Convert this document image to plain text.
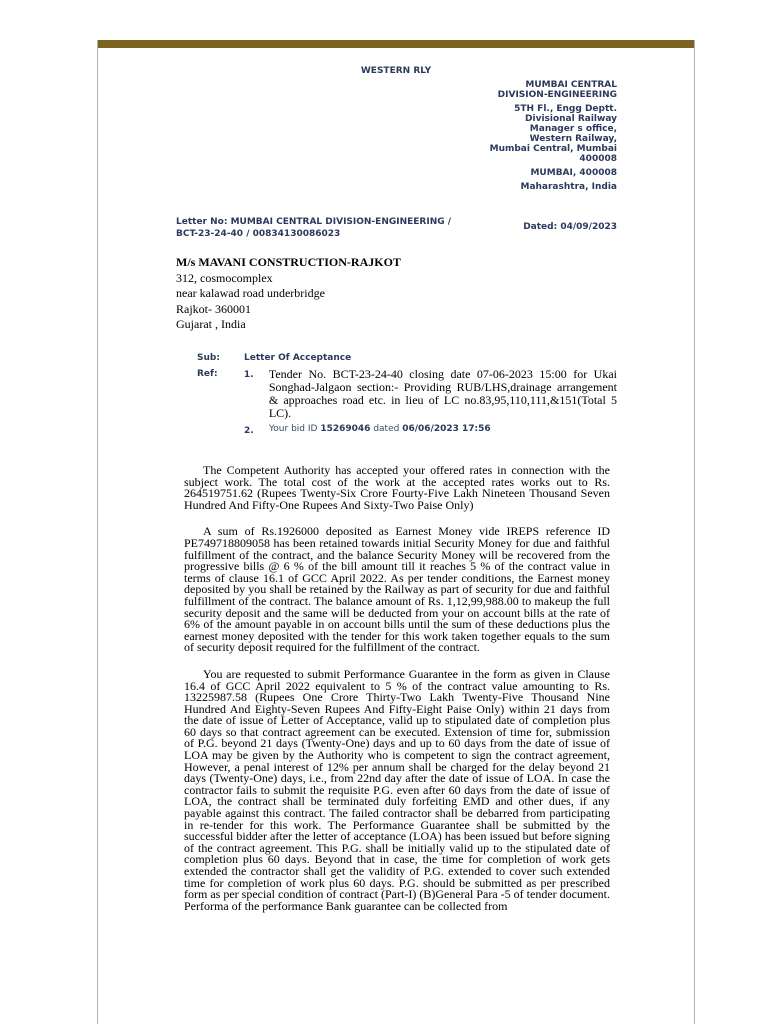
WESTERN RLY
MUMBAI CENTRAL
DIVISION-ENGINEERING
5TH Fl., Engg Deptt.
Divisional Railway
Manager s office,
Western Railway,
Mumbai Central, Mumbai
400008
MUMBAI, 400008
Maharashtra, India
Letter No: MUMBAI CENTRAL DIVISION-ENGINEERING / BCT-23-24-40 / 00834130086023
Dated: 04/09/2023
M/s MAVANI CONSTRUCTION-RAJKOT
312, cosmocomplex
near kalawad road underbridge
Rajkot- 360001
Gujarat , India
Sub:	Letter Of Acceptance
Ref:	1.	Tender No. BCT-23-24-40 closing date 07-06-2023 15:00 for Ukai Songhad-Jalgaon section:- Providing RUB/LHS,drainage arrangement & approaches road etc. in lieu of LC no.83,95,110,111,&151(Total 5 LC).
2.	Your bid ID 15269046 dated 06/06/2023 17:56

The Competent Authority has accepted your offered rates in connection with the subject work. The total cost of the work at the accepted rates works out to Rs. 264519751.62 (Rupees Twenty-Six Crore Fourty-Five Lakh Nineteen Thousand Seven Hundred And Fifty-One Rupees And Sixty-Two Paise Only)

A sum of Rs.1926000 deposited as Earnest Money vide IREPS reference ID PE749718809058 has been retained towards initial Security Money for due and faithful fulfillment of the contract, and the balance Security Money will be recovered from the progressive bills @ 6 % of the bill amount till it reaches 5 % of the contract value in terms of clause 16.1 of GCC April 2022. As per tender conditions, the Earnest money deposited by you shall be retained by the Railway as part of security for due and faithful fulfillment of the contract. The balance amount of Rs. 1,12,99,988.00 to makeup the full security deposit and the same will be deducted from your on account bills at the rate of 6% of the amount payable in on account bills until the sum of these deductions plus the earnest money deposited with the tender for this work taken together equals to the sum of security deposit required for the fulfillment of the contract.

You are requested to submit Performance Guarantee in the form as given in Clause 16.4 of GCC April 2022 equivalent to 5 % of the contract value amounting to Rs. 13225987.58 (Rupees One Crore Thirty-Two Lakh Twenty-Five Thousand Nine Hundred And Eighty-Seven Rupees And Fifty-Eight Paise Only) within 21 days from the date of issue of Letter of Acceptance, valid up to stipulated date of completion plus 60 days so that contract agreement can be executed. Extension of time for, submission of P.G. beyond 21 days (Twenty-One) days and up to 60 days from the date of issue of LOA may be given by the Authority who is competent to sign the contract agreement, However, a penal interest of 12% per annum shall be charged for the delay beyond 21 days (Twenty-One) days, i.e., from 22nd day after the date of issue of LOA. In case the contractor fails to submit the requisite P.G. even after 60 days from the date of issue of LOA, the contract shall be terminated duly forfeiting EMD and other dues, if any payable against this contract. The failed contractor shall be debarred from participating in re-tender for this work. The Performance Guarantee shall be submitted by the successful bidder after the letter of acceptance (LOA) has been issued but before signing of the contract agreement. This P.G. shall be initially valid up to the stipulated date of completion plus 60 days. Beyond that in case, the time for completion of work gets extended the contractor shall get the validity of P.G. extended to cover such extended time for completion of work plus 60 days. P.G. should be submitted as per prescribed form as per special condition of contract (Part-I) (B)General Para -5 of tender document. Performa of the performance Bank guarantee can be collected from
